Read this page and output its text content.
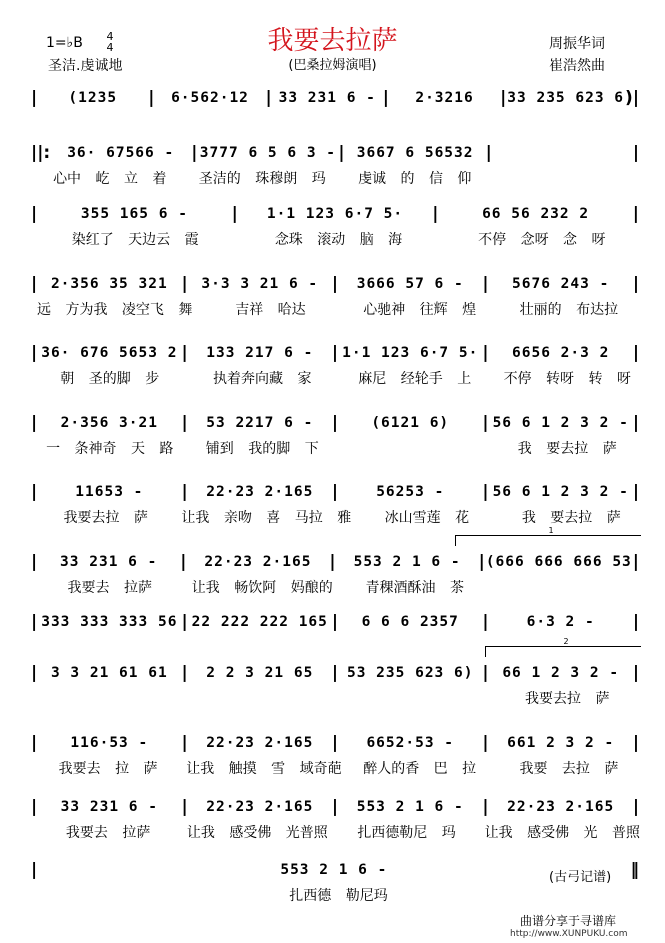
我要去拉萨
(巴桑拉姆演唱)
1=♭B 4
4
圣洁.虔诚地
周振华词
崔浩然曲
|	(1235	|	6·562·12 | 33 231 6 - |	2·3216	| 33 235 623 6 )|
||:	36· 67566 - | 3777 6 5 6 3 - | 3667 6 56532 |	|
心中 屹 立 着	圣洁的 珠穆朗 玛	虔诚 的 信 仰
|	355 165 6 -	|	1·1 123 6·7 5·	|	66 56 232 2	|
染红了 天边云 霞	念珠 滚动 脑 海	不停 念呀 念 呀
| 2·356 35 321 | 3·3 3 21 6 - |	3666 57 6 -	|	5676 243 -	|
远 方为我 凌空飞 舞	吉祥 哈达	心驰神 往辉 煌	壮丽的 布达拉
| 36· 676 5653 2 |	133 217 6 -	| 1·1 123 6·7 5· |	6656 2·3 2	|
朝 圣的脚 步	执着奔向藏 家	麻尼 经轮手 上	不停 转呀 转 呀
|	2·356 3·21	|	53 2217 6 -	|	(6121 6)	| 56 6 1 2 3 2 - |
一 条神奇 天 路	铺到 我的脚 下	我 要去拉 萨
|	11653 -	|	22·23 2·165	|	56253 -	| 56 6 1 2 3 2 - |
我要去拉 萨	让我 亲吻 喜 马拉 雅	冰山雪莲 花	我 要去拉 萨
|	33 231 6 -	|	22·23 2·165	|	553 2 1 6 -	| (666 666 666 53 |
我要去 拉萨	让我 畅饮阿 妈酿的	青稞酒酥油 茶
| 333 333 333 56 | 22 222 222 165 |	6 6 6 2357	|	6·3 2 -	|
| 3 3 21 61 61 |	2 2 3 21 65	| 53 235 623 6) | 66 1 2 3 2 - |
我要去拉 萨
|	116·53 -	|	22·23 2·165	|	6652·53 -	|	661 2 3 2 -	|
我要去 拉 萨	让我 触摸 雪 域奇葩	醉人的香 巴 拉	我要 去拉 萨
|	33 231 6 -	|	22·23 2·165	|	553 2 1 6 -	|	22·23 2·165	|
我要去 拉萨	让我 感受佛 光普照	扎西德勒尼 玛	让我 感受佛 光 普照
|	553 2 1 6 -	‖
扎西德 勒尼玛
1
2
(古弓记谱)
曲谱分享于寻谱库
http://www.XUNPUKU.com
